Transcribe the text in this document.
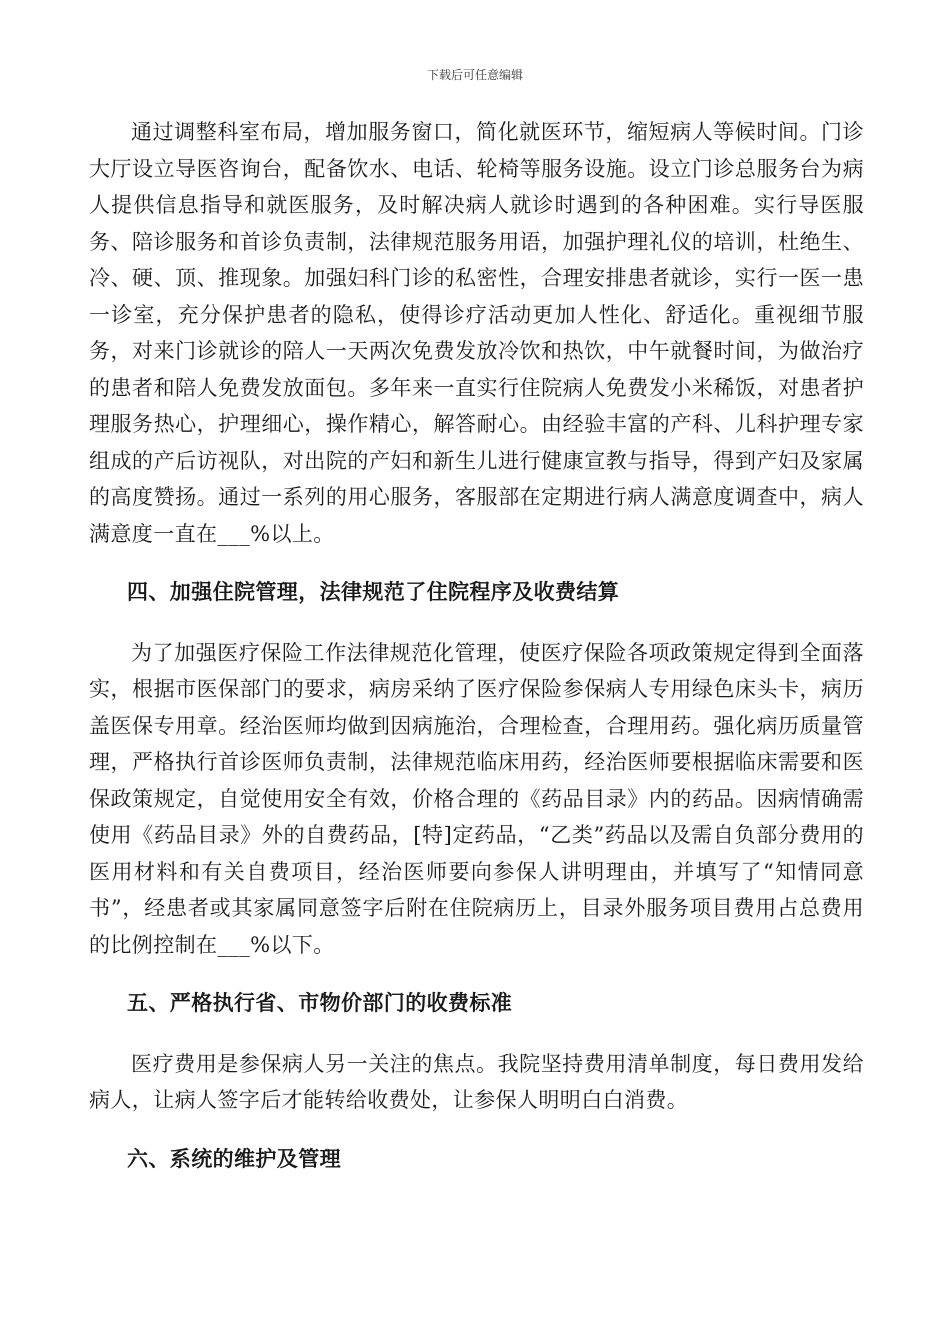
下载后可任意编辑

通过调整科室布局，增加服务窗口，简化就医环节，缩短病人等候时间。门诊大厅设立导医咨询台，配备饮水、电话、轮椅等服务设施。设立门诊总服务台为病人提供信息指导和就医服务，及时解决病人就诊时遇到的各种困难。实行导医服务、陪诊服务和首诊负责制，法律规范服务用语，加强护理礼仪的培训，杜绝生、冷、硬、顶、推现象。加强妇科门诊的私密性，合理安排患者就诊，实行一医一患一诊室，充分保护患者的隐私，使得诊疗活动更加人性化、舒适化。重视细节服务，对来门诊就诊的陪人一天两次免费发放冷饮和热饮，中午就餐时间，为做治疗的患者和陪人免费发放面包。多年来一直实行住院病人免费发小米稀饭，对患者护理服务热心，护理细心，操作精心，解答耐心。由经验丰富的产科、儿科护理专家组成的产后访视队，对出院的产妇和新生儿进行健康宣教与指导，得到产妇及家属的高度赞扬。通过一系列的用心服务，客服部在定期进行病人满意度调查中，病人满意度一直在___%以上。

四、加强住院管理，法律规范了住院程序及收费结算

为了加强医疗保险工作法律规范化管理，使医疗保险各项政策规定得到全面落实，根据市医保部门的要求，病房采纳了医疗保险参保病人专用绿色床头卡，病历盖医保专用章。经治医师均做到因病施治，合理检查，合理用药。强化病历质量管理，严格执行首诊医师负责制，法律规范临床用药，经治医师要根据临床需要和医保政策规定，自觉使用安全有效，价格合理的《药品目录》内的药品。因病情确需使用《药品目录》外的自费药品，[特]定药品，“乙类”药品以及需自负部分费用的医用材料和有关自费项目，经治医师要向参保人讲明理由，并填写了“知情同意书”，经患者或其家属同意签字后附在住院病历上，目录外服务项目费用占总费用的比例控制在___%以下。

五、严格执行省、市物价部门的收费标准

医疗费用是参保病人另一关注的焦点。我院坚持费用清单制度，每日费用发给病人，让病人签字后才能转给收费处，让参保人明明白白消费。

六、系统的维护及管理
